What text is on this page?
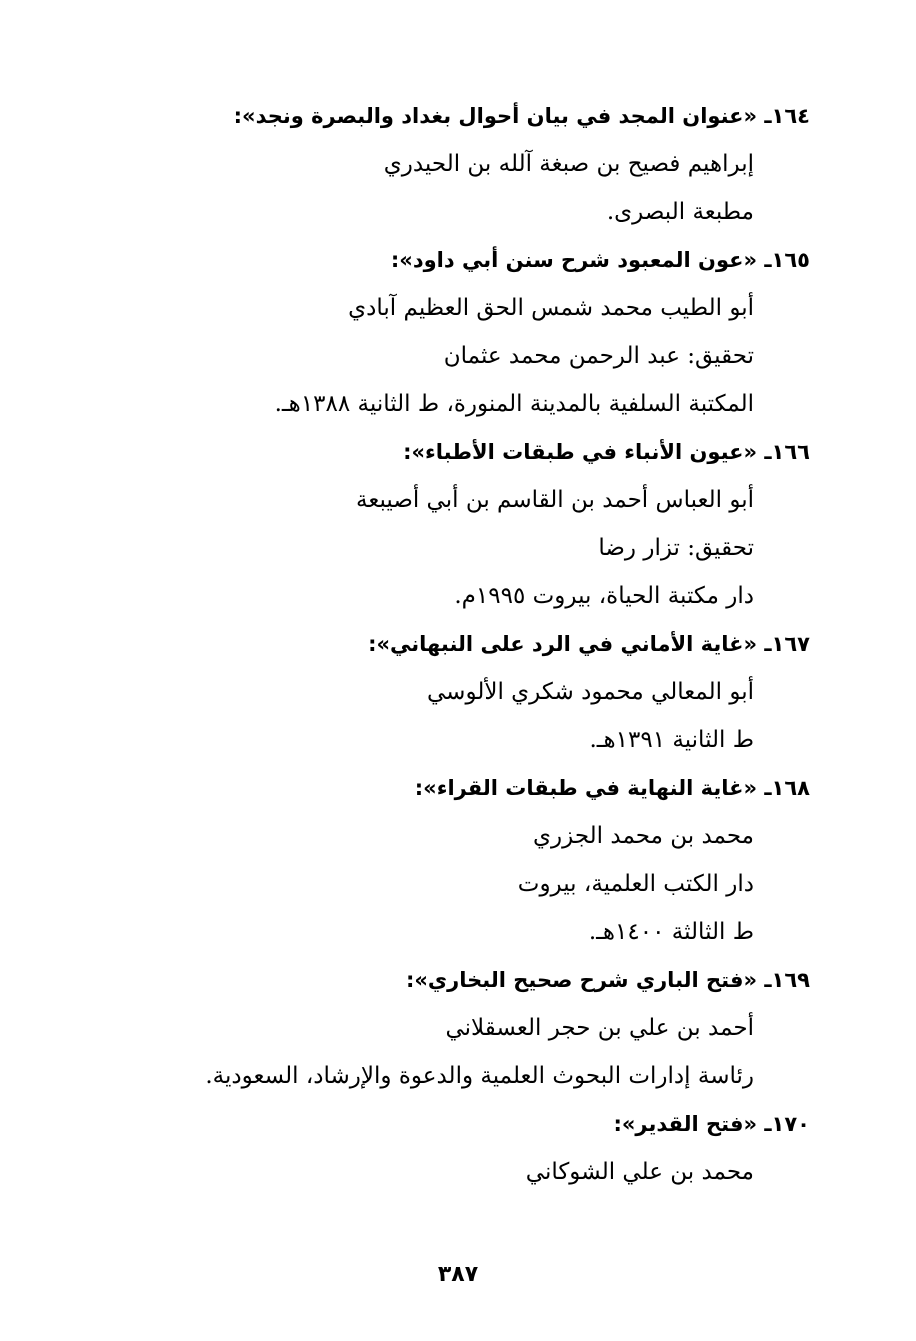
١٦٤ـ «عنوان المجد في بيان أحوال بغداد والبصرة ونجد»:
إبراهيم فصيح بن صبغة آلله بن الحيدري
مطبعة البصرى.
١٦٥ـ «عون المعبود شرح سنن أبي داود»:
أبو الطيب محمد شمس الحق العظيم آبادي
تحقيق: عبد الرحمن محمد عثمان
المكتبة السلفية بالمدينة المنورة، ط الثانية ١٣٨٨هـ.
١٦٦ـ «عيون الأنباء في طبقات الأطباء»:
أبو العباس أحمد بن القاسم بن أبي أصيبعة
تحقيق: تزار رضا
دار مكتبة الحياة، بيروت ١٩٩٥م.
١٦٧ـ «غاية الأماني في الرد على النبهاني»:
أبو المعالي محمود شكري الألوسي
ط الثانية ١٣٩١هـ.
١٦٨ـ «غاية النهاية في طبقات القراء»:
محمد بن محمد الجزري
دار الكتب العلمية، بيروت
ط الثالثة ١٤٠٠هـ.
١٦٩ـ «فتح الباري شرح صحيح البخاري»:
أحمد بن علي بن حجر العسقلاني
رئاسة إدارات البحوث العلمية والدعوة والإرشاد، السعودية.
١٧٠ـ «فتح القدير»:
محمد بن علي الشوكاني
٣٨٧
